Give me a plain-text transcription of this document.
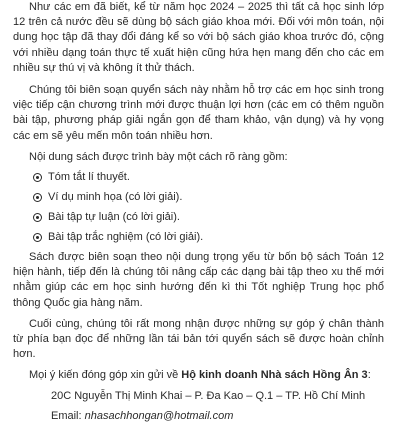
Như các em đã biết, kể từ năm học 2024 – 2025 thì tất cả học sinh lớp 12 trên cả nước đều sẽ dùng bộ sách giáo khoa mới. Đối với môn toán, nội dung học tập đã thay đổi đáng kể so với bộ sách giáo khoa trước đó, cộng với nhiều dạng toán thực tế xuất hiện cũng hứa hẹn mang đến cho các em nhiều sự thú vị và không ít thử thách.

Chúng tôi biên soạn quyển sách này nhằm hỗ trợ các em học sinh trong việc tiếp cận chương trình mới được thuận lợi hơn (các em có thêm nguồn bài tập, phương pháp giải ngắn gọn để tham khảo, vận dụng) và hy vọng các em sẽ yêu mến môn toán nhiều hơn.

Nội dung sách được trình bày một cách rõ ràng gồm:

Tóm tắt lí thuyết.
Ví dụ minh họa (có lời giải).
Bài tập tự luận (có lời giải).
Bài tập trắc nghiệm (có lời giải).

Sách được biên soạn theo nội dung trọng yếu từ bốn bộ sách Toán 12 hiện hành, tiếp đến là chúng tôi nâng cấp các dạng bài tập theo xu thế mới nhằm giúp các em học sinh hướng đến kì thi Tốt nghiệp Trung học phổ thông Quốc gia hàng năm.

Cuối cùng, chúng tôi rất mong nhận được những sự góp ý chân thành từ phía bạn đọc để những lần tái bản tới quyển sách sẽ được hoàn chỉnh hơn.

Mọi ý kiến đóng góp xin gửi về Hộ kinh doanh Nhà sách Hồng Ân 3:

20C Nguyễn Thị Minh Khai – P. Đa Kao – Q.1 – TP. Hồ Chí Minh
Email: nhasachhongan@hotmail.com
